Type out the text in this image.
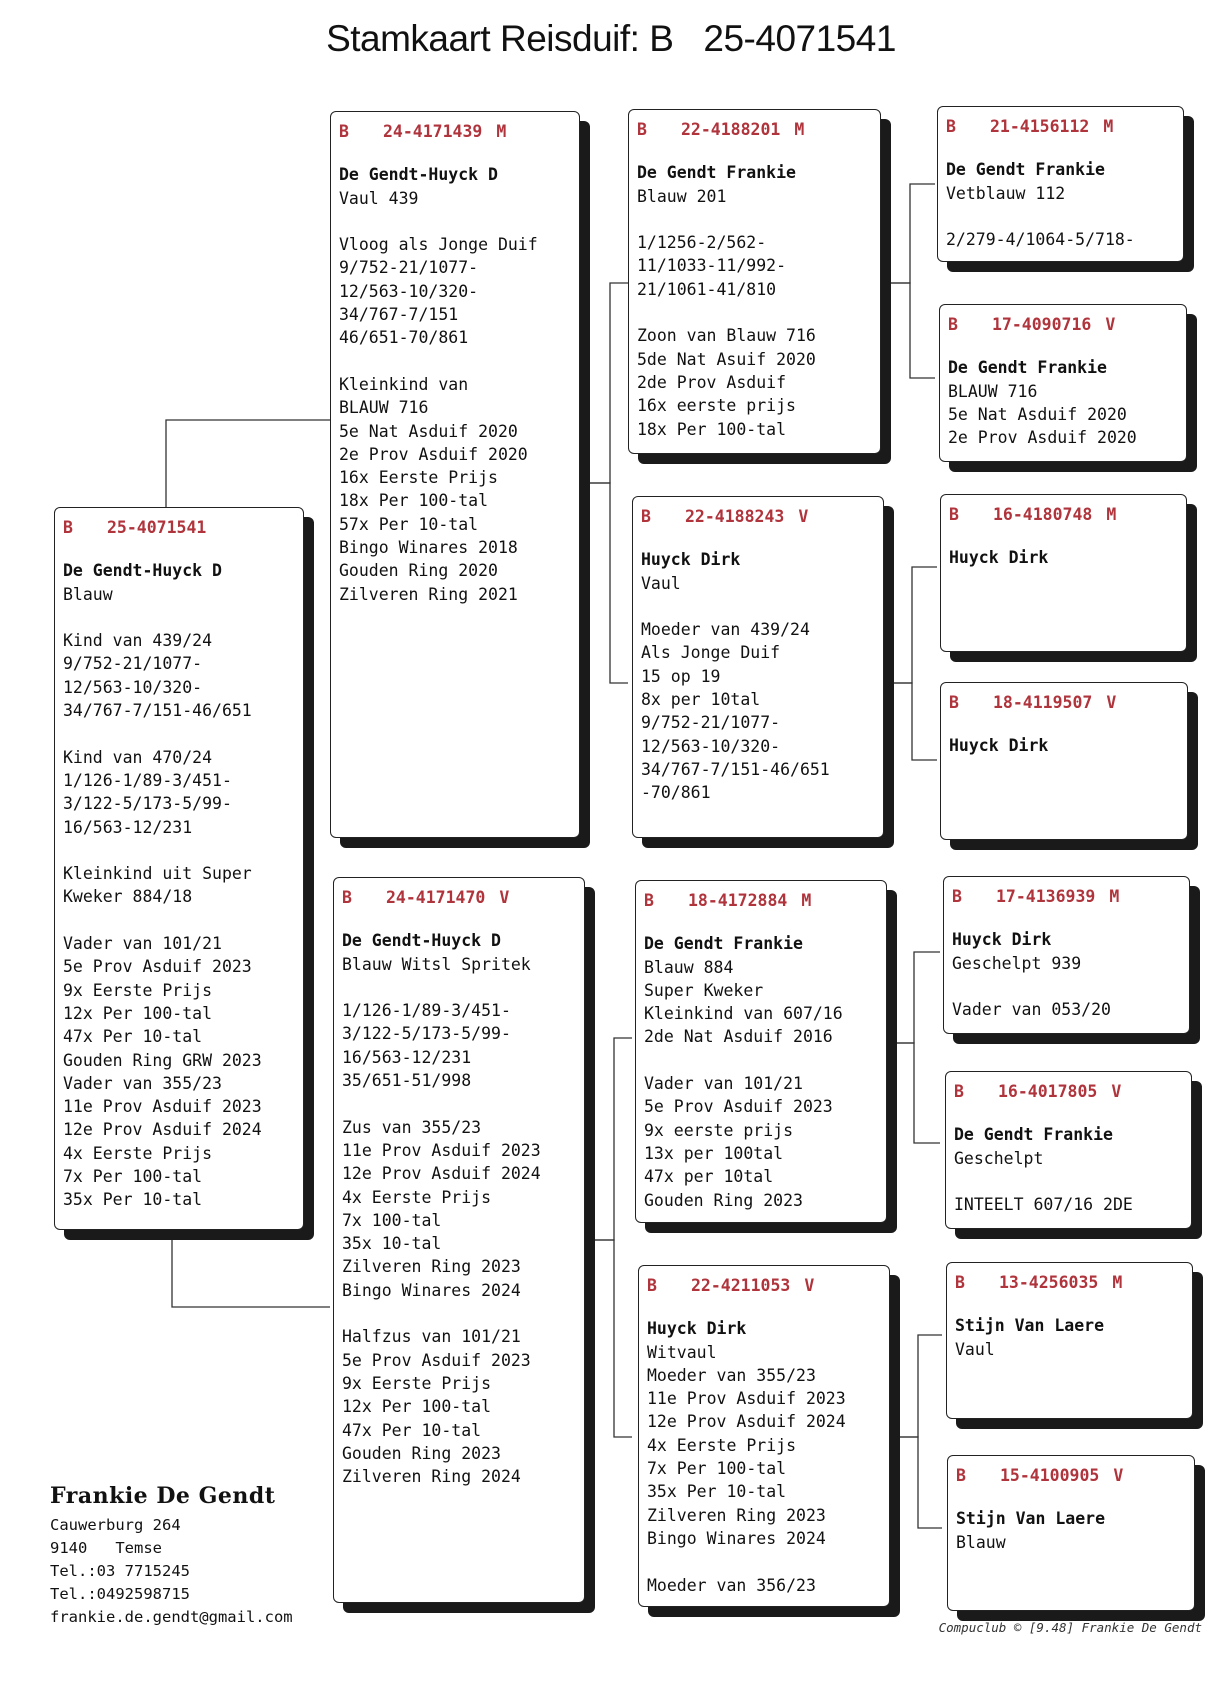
Stamkaart Reisduif: B 25-4071541
B	25-4071541
De Gendt-Huyck D
Blauw
Kind van 439/24
9/752-21/1077-
12/563-10/320-
34/767-7/151-46/651
Kind van 470/24
1/126-1/89-3/451-
3/122-5/173-5/99-
16/563-12/231
Kleinkind uit Super
Kweker 884/18
Vader van 101/21
5e Prov Asduif 2023
9x Eerste Prijs
12x Per 100-tal
47x Per 10-tal
Gouden Ring GRW 2023
Vader van 355/23
11e Prov Asduif 2023
12e Prov Asduif 2024
4x Eerste Prijs
7x Per 100-tal
35x Per 10-tal
B	24-4171439 M
De Gendt-Huyck D
Vaul 439
Vloog als Jonge Duif
9/752-21/1077-
12/563-10/320-
34/767-7/151
46/651-70/861
Kleinkind van
BLAUW 716
5e Nat Asduif 2020
2e Prov Asduif 2020
16x Eerste Prijs
18x Per 100-tal
57x Per 10-tal
Bingo Winares 2018
Gouden Ring 2020
Zilveren Ring 2021
B	24-4171470 V
De Gendt-Huyck D
Blauw Witsl Spritek
1/126-1/89-3/451-
3/122-5/173-5/99-
16/563-12/231
35/651-51/998
Zus van 355/23
11e Prov Asduif 2023
12e Prov Asduif 2024
4x Eerste Prijs
7x 100-tal
35x 10-tal
Zilveren Ring 2023
Bingo Winares 2024
Halfzus van 101/21
5e Prov Asduif 2023
9x Eerste Prijs
12x Per 100-tal
47x Per 10-tal
Gouden Ring 2023
Zilveren Ring 2024
B	22-4188201 M
De Gendt Frankie
Blauw 201
1/1256-2/562-
11/1033-11/992-
21/1061-41/810
Zoon van Blauw 716
5de Nat Asuif 2020
2de Prov Asduif
16x eerste prijs
18x Per 100-tal
B	22-4188243 V
Huyck Dirk
Vaul
Moeder van 439/24
Als Jonge Duif
15 op 19
8x per 10tal
9/752-21/1077-
12/563-10/320-
34/767-7/151-46/651
-70/861
B	18-4172884 M
De Gendt Frankie
Blauw 884
Super Kweker
Kleinkind van 607/16
2de Nat Asduif 2016
Vader van 101/21
5e Prov Asduif 2023
9x eerste prijs
13x per 100tal
47x per 10tal
Gouden Ring 2023
B	22-4211053 V
Huyck Dirk
Witvaul
Moeder van 355/23
11e Prov Asduif 2023
12e Prov Asduif 2024
4x Eerste Prijs
7x Per 100-tal
35x Per 10-tal
Zilveren Ring 2023
Bingo Winares 2024
Moeder van 356/23
B	21-4156112 M
De Gendt Frankie
Vetblauw 112
2/279-4/1064-5/718-
B	17-4090716 V
De Gendt Frankie
BLAUW 716
5e Nat Asduif 2020
2e Prov Asduif 2020
B	16-4180748 M
Huyck Dirk
B	18-4119507 V
Huyck Dirk
B	17-4136939 M
Huyck Dirk
Geschelpt 939
Vader van 053/20
B	16-4017805 V
De Gendt Frankie
Geschelpt
INTEELT 607/16 2DE
B	13-4256035 M
Stijn Van Laere
Vaul
B	15-4100905 V
Stijn Van Laere
Blauw
Frankie De Gendt
Cauwerburg 264
9140   Temse
Tel.:03 7715245
Tel.:0492598715
frankie.de.gendt@gmail.com
Compuclub © [9.48] Frankie De Gendt
